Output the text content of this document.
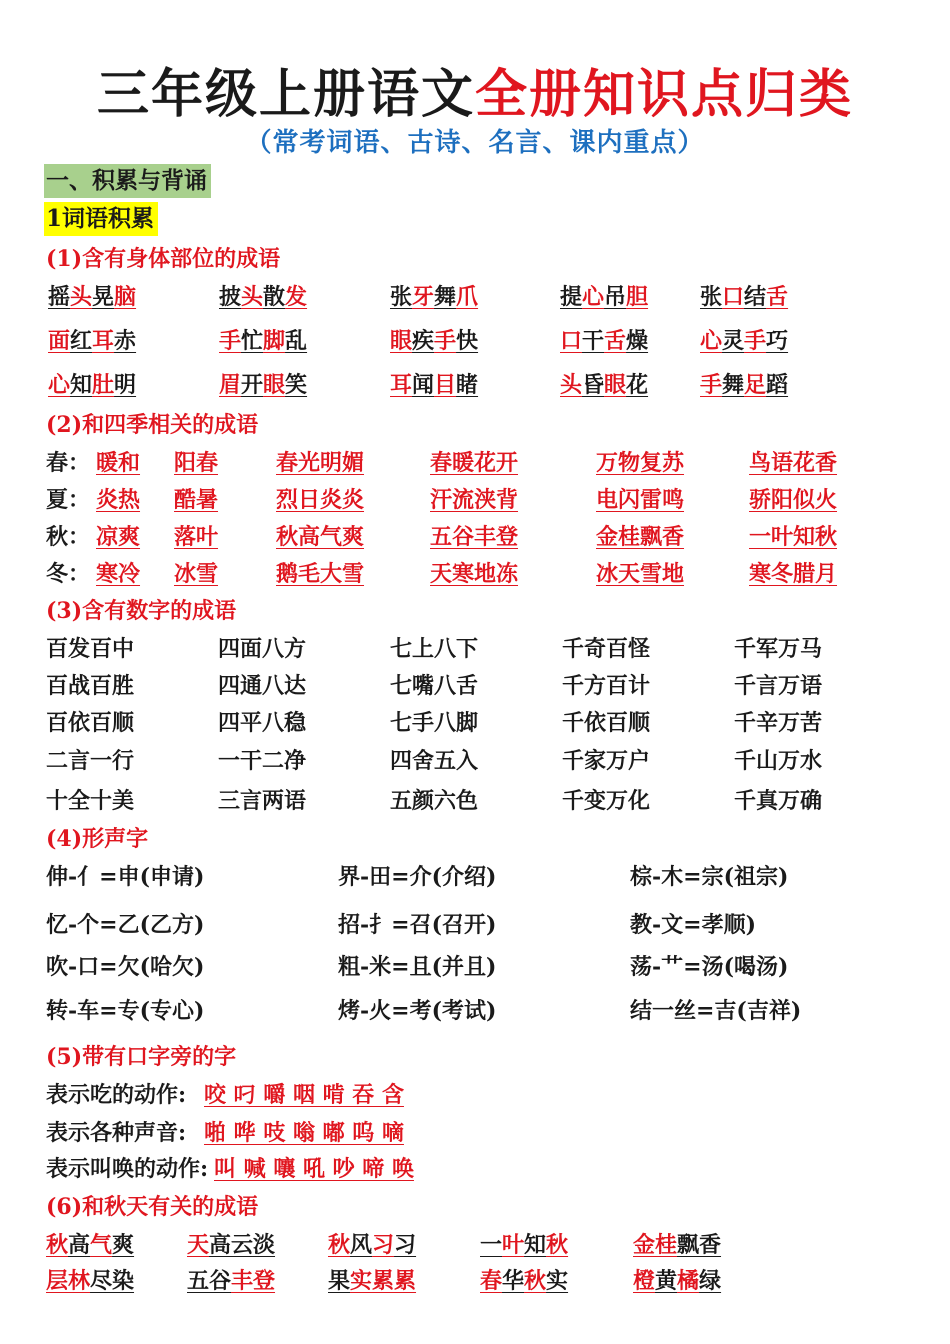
三年级上册语文全册知识点归类
（常考词语、古诗、名言、课内重点）
一、积累与背诵
1词语积累
(1)含有身体部位的成语
摇头晃脑	披头散发	张牙舞爪	提心吊胆 张口结舌
面红耳赤	手忙脚乱	眼疾手快	口干舌燥 心灵手巧
心知肚明	眉开眼笑	耳闻目睹	头昏眼花 手舞足蹈
(2)和四季相关的成语
春： 暖和 阳春	春光明媚	春暖花开	万物复苏	鸟语花香
夏： 炎热 酷暑	烈日炎炎	汗流浃背	电闪雷鸣	骄阳似火
秋： 凉爽 落叶	秋高气爽	五谷丰登	金桂飘香	一叶知秋
冬： 寒冷 冰雪	鹅毛大雪	天寒地冻	冰天雪地	寒冬腊月
(3)含有数字的成语
百发百中	四面八方	七上八下	千奇百怪	千军万马
百战百胜	四通八达	七嘴八舌	千方百计	千言万语
百依百顺	四平八稳	七手八脚	千依百顺	千辛万苦
二言一行	一干二净	四舍五入	千家万户	千山万水
十全十美	三言两语	五颜六色	千变万化	千真万确
(4)形声字
伸-亻=申(申请)	界-田=介(介绍)	棕-木=宗(祖宗)
忆-个=乙(乙方)	招-扌=召(召开)	教-文=孝顺)
吹-口=欠(哈欠)	粗-米=且(并且)	荡-艹=汤(喝汤)
转-车=专(专心)	烤-火=考(考试)	结一丝=吉(吉祥)
(5)带有口字旁的字
表示吃的动作: 咬 叼 嚼 咽 啃 吞 含
表示各种声音: 啪 哗 吱 嗡 嘟 呜 嘀
表示叫唤的动作: 叫 喊 嚷 吼 吵 啼 唤
(6)和秋天有关的成语
秋高气爽 天高云淡 秋风习习	一叶知秋	金桂飘香
层林尽染 五谷丰登 果实累累	春华秋实	橙黄橘绿
